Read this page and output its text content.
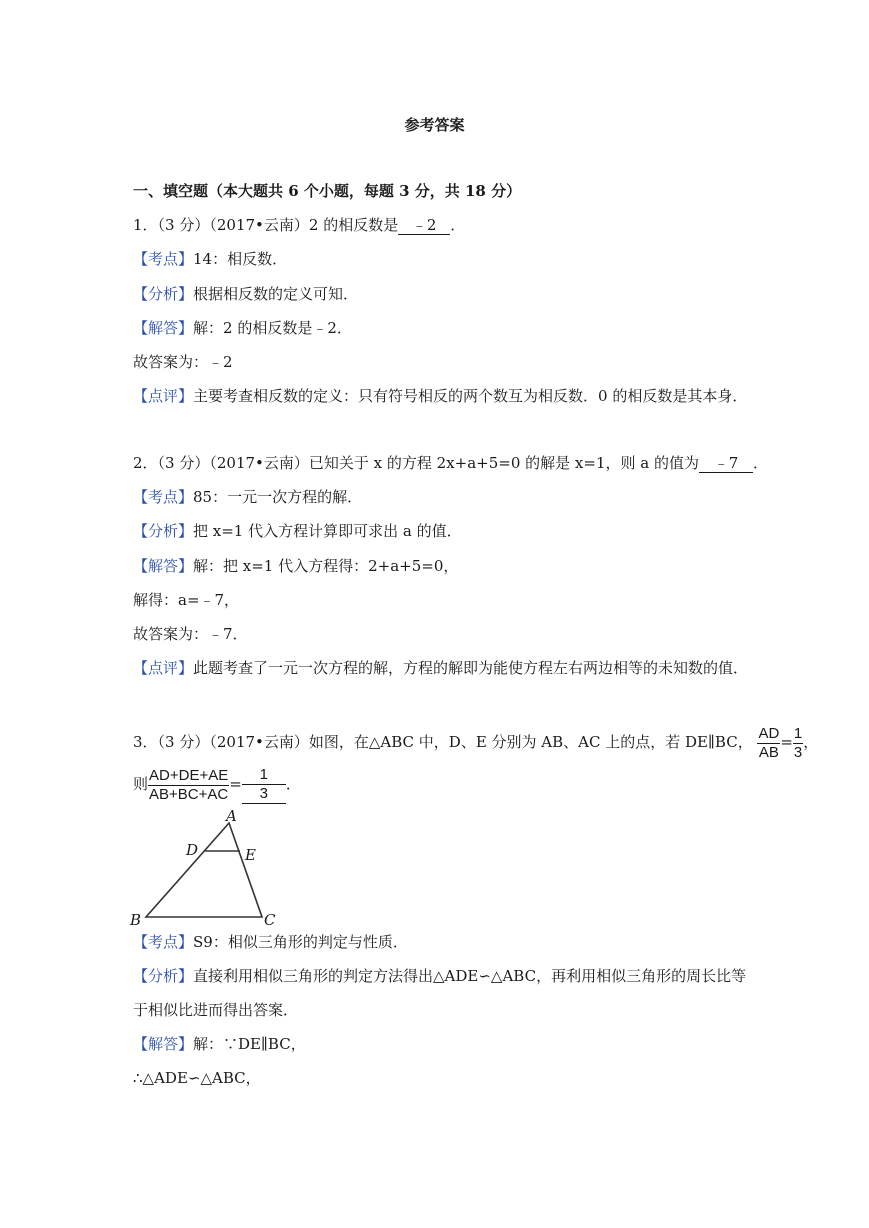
参考答案
一、填空题（本大题共 6 个小题，每题 3 分，共 18 分）
1．（3 分）（2017•云南）2 的相反数是 ﹣2 ．
【考点】14：相反数．
【分析】根据相反数的定义可知．
【解答】解：2 的相反数是﹣2．
故答案为：﹣2
【点评】主要考查相反数的定义：只有符号相反的两个数互为相反数．0 的相反数是其本身．
2．（3 分）（2017•云南）已知关于 x 的方程 2x+a+5=0 的解是 x=1，则 a 的值为 ﹣7 ．
【考点】85：一元一次方程的解．
【分析】把 x=1 代入方程计算即可求出 a 的值．
【解答】解：把 x=1 代入方程得：2+a+5=0，
解得：a=﹣7，
故答案为：﹣7．
【点评】此题考查了一元一次方程的解，方程的解即为能使方程左右两边相等的未知数的值．
3．（3 分）（2017•云南）如图，在△ABC 中，D、E 分别为 AB、AC 上的点，若 DE∥BC， $\frac{AD}{AB} = \frac{1}{3}$ ，
则 $\frac{AD+DE+AE}{AB+BC+AC} = \frac{1}{3}$ ．
A
B	C
D	E
【考点】S9：相似三角形的判定与性质．
【分析】直接利用相似三角形的判定方法得出△ADE∽△ABC，再利用相似三角形的周长比等
于相似比进而得出答案．
【解答】解：∵DE∥BC，
∴△ADE∽△ABC，
